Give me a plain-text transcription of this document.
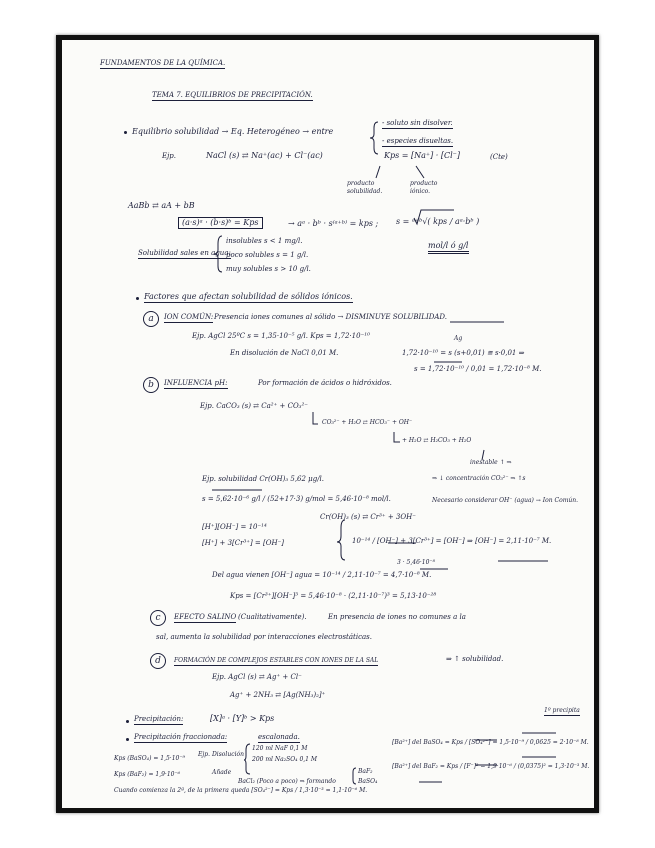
FUNDAMENTOS DE LA QUÍMICA.
TEMA 7. EQUILIBRIOS DE PRECIPITACIÓN.
Equilibrio solubilidad → Eq. Heterogéneo → entre
- soluto sin disolver.
- especies disueltas.
Ejp.	NaCl (s) ⇄ Na⁺(ac) + Cl⁻(ac)	Kps = [Na⁺] · [Cl⁻]	(Cte)
producto solubilidad.
producto iónico.
AaBb ⇄ aA + bB
(a·s)ᵃ · (b·s)ᵇ = Kps	→ aᵃ · bᵇ · s⁽ᵃ⁺ᵇ⁾ = kps ; s = ᵃ⁺ᵇ√( kps / aᵃ·bᵇ )
mol/l ó g/l
Solubilidad sales en agua:
insolubles s < 1 mg/l.
poco solubles s = 1 g/l.
muy solubles s > 10 g/l.
Factores que afectan solubilidad de sólidos iónicos.
a	ION COMÚN: Presencia iones comunes al sólido → DISMINUYE SOLUBILIDAD.
Ejp. AgCl 25ºC s = 1,35·10⁻⁵ g/l. Kps = 1,72·10⁻¹⁰
En disolución de NaCl 0,01 M.
Ag
1,72·10⁻¹⁰ = s (s+0,01) ≅ s·0,01 ⇒
s = 1,72·10⁻¹⁰ / 0,01 = 1,72·10⁻⁸ M.
b	INFLUENCIA pH:	Por formación de ácidos o hidróxidos.
Ejp. CaCO₃ (s) ⇄ Ca²⁺ + CO₃²⁻
CO₃²⁻ + H₂O ⇄ HCO₃⁻ + OH⁻
+ H₂O ⇄ H₂CO₃ + H₂O
inestable ↑ ⇒
Ejp. solubilidad Cr(OH)₃ 5,62 μg/l.	⇒ ↓ concentración CO₃²⁻ ⇒ ↑s
s = 5,62·10⁻⁶ g/l / (52+17·3) g/mol = 5,46·10⁻⁸ mol/l.	Necesario considerar OH⁻ (agua) → Ion Común.
[H⁺][OH⁻] = 10⁻¹⁴
Cr(OH)₃ (s) ⇄ Cr³⁺ + 3OH⁻
[H⁺] + 3[Cr³⁺] = [OH⁻]	10⁻¹⁴ / [OH⁻] + 3[Cr³⁺] = [OH⁻] ⇒ [OH⁻] = 2,11·10⁻⁷ M.
3 · 5,46·10⁻⁸
Del agua vienen [OH⁻] agua = 10⁻¹⁴ / 2,11·10⁻⁷ = 4,7·10⁻⁸ M.
Kps = [Cr³⁺][OH⁻]³ = 5,46·10⁻⁸ · (2,11·10⁻⁷)³ = 5,13·10⁻²⁸
c	EFECTO SALINO (Cualitativamente).	En presencia de iones no comunes a la
sal, aumenta la solubilidad por interacciones electrostáticas.
d	FORMACIÓN DE COMPLEJOS ESTABLES CON IONES DE LA SAL	⇒ ↑ solubilidad.
Ejp. AgCl (s) ⇄ Ag⁺ + Cl⁻
Ag⁺ + 2NH₃ ⇄ [Ag(NH₃)₂]⁺
Precipitación:	[X]ᵃ · [Y]ᵇ > Kps
1º precipita
Precipitación fraccionada:	escalonada.
Ejp. Disolución
120 ml NaF 0,1 M
200 ml Na₂SO₄ 0,1 M
Añade
BaCl₂ (Poco a poco) ⇒ formando
BaF₂
BaSO₄
Kps (BaSO₄) = 1,5·10⁻⁹
Kps (BaF₂) = 1,9·10⁻⁶
[Ba²⁺] del BaSO₄ = Kps / [SO₄²⁻] = 1,5·10⁻⁹ / 0,0625 = 2·10⁻⁸ M.
[Ba²⁺] del BaF₂ = Kps / [F⁻]² = 1,9·10⁻⁶ / (0,0375)² = 1,3·10⁻³ M.
Cuando comienza la 2ª, de la primera queda [SO₄²⁻] = Kps / 1,3·10⁻³ = 1,1·10⁻⁶ M.
